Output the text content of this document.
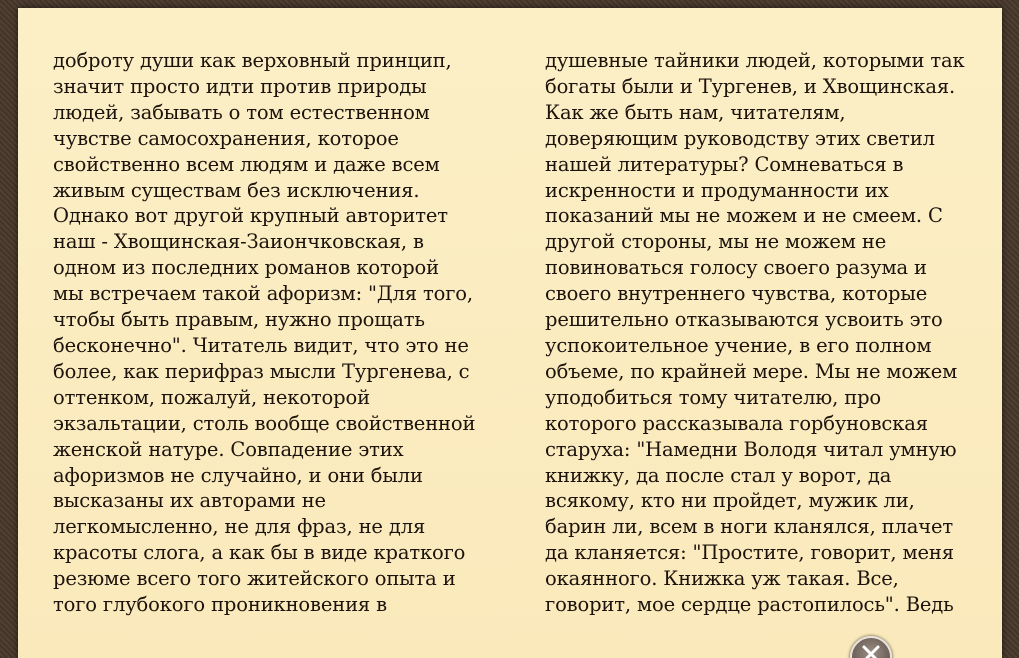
доброту души как верховный принцип,
значит просто идти против природы
людей, забывать о том естественном
чувстве самосохранения, которое
свойственно всем людям и даже всем
живым существам без исключения.
Однако вот другой крупный авторитет
наш - Хвощинская-Заиончковская, в
одном из последних романов которой
мы встречаем такой афоризм: "Для того,
чтобы быть правым, нужно прощать
бесконечно". Читатель видит, что это не
более, как перифраз мысли Тургенева, с
оттенком, пожалуй, некоторой
экзальтации, столь вообще свойственной
женской натуре. Совпадение этих
афоризмов не случайно, и они были
высказаны их авторами не
легкомысленно, не для фраз, не для
красоты слога, а как бы в виде краткого
резюме всего того житейского опыта и
того глубокого проникновения в

душевные тайники людей, которыми так
богаты были и Тургенев, и Хвощинская.
Как же быть нам, читателям,
доверяющим руководству этих светил
нашей литературы? Сомневаться в
искренности и продуманности их
показаний мы не можем и не смеем. С
другой стороны, мы не можем не
повиноваться голосу своего разума и
своего внутреннего чувства, которые
решительно отказываются усвоить это
успокоительное учение, в его полном
объеме, по крайней мере. Мы не можем
уподобиться тому читателю, про
которого рассказывала горбуновская
старуха: "Намедни Володя читал умную
книжку, да после стал у ворот, да
всякому, кто ни пройдет, мужик ли,
барин ли, всем в ноги кланялся, плачет
да кланяется: "Простите, говорит, меня
окаянного. Книжка уж такая. Все,
говорит, мое сердце растопилось". Ведь
